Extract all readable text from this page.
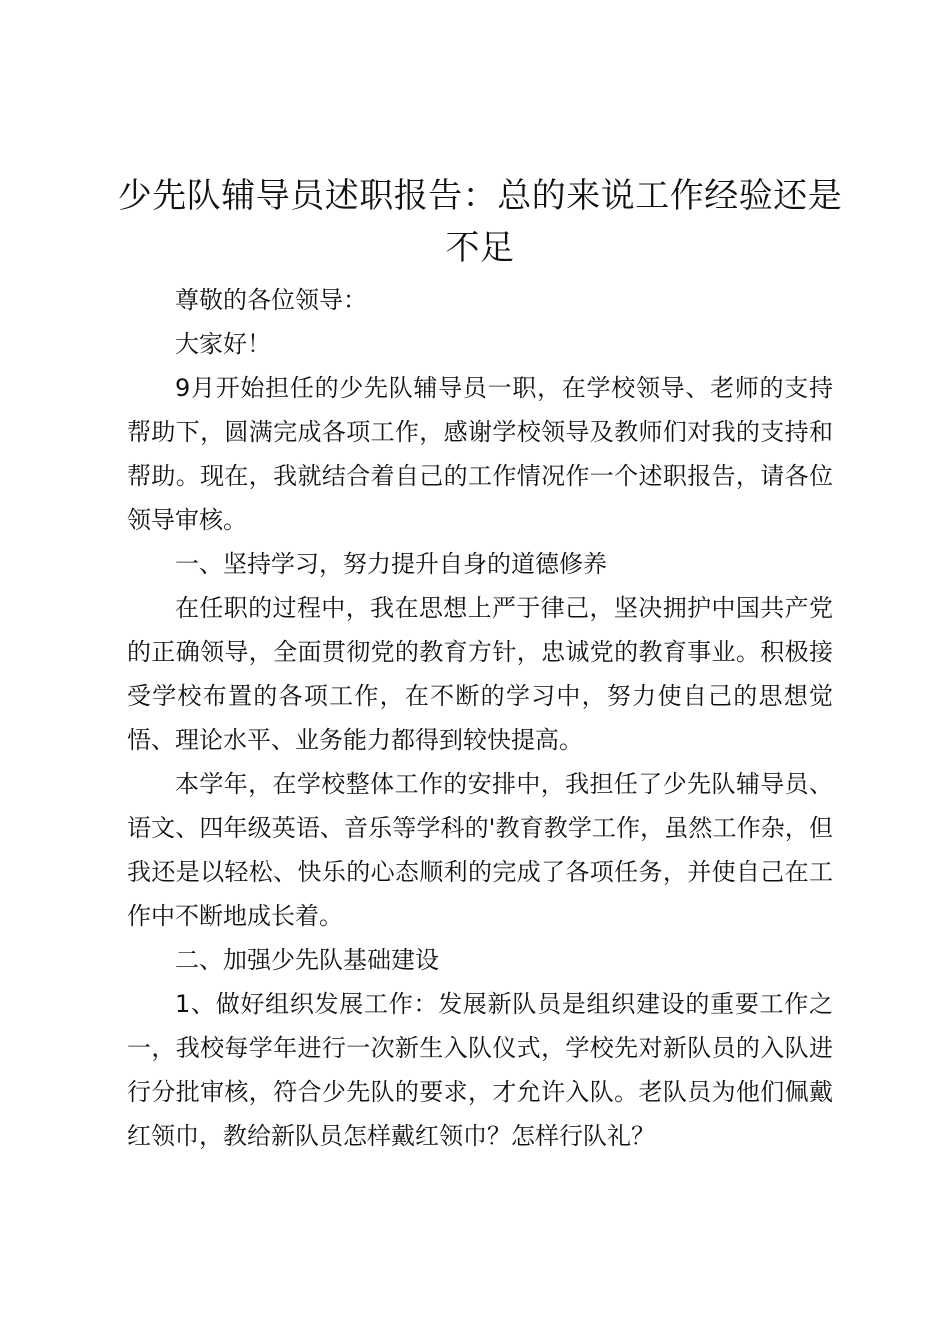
少先队辅导员述职报告：总的来说工作经验还是不足

尊敬的各位领导：

大家好！

9月开始担任的少先队辅导员一职，在学校领导、老师的支持帮助下，圆满完成各项工作，感谢学校领导及教师们对我的支持和帮助。现在，我就结合着自己的工作情况作一个述职报告，请各位领导审核。

一、坚持学习，努力提升自身的道德修养

在任职的过程中，我在思想上严于律己，坚决拥护中国共产党的正确领导，全面贯彻党的教育方针，忠诚党的教育事业。积极接受学校布置的各项工作，在不断的学习中，努力使自己的思想觉悟、理论水平、业务能力都得到较快提高。

本学年，在学校整体工作的安排中，我担任了少先队辅导员、语文、四年级英语、音乐等学科的'教育教学工作，虽然工作杂，但我还是以轻松、快乐的心态顺利的完成了各项任务，并使自己在工作中不断地成长着。

二、加强少先队基础建设

1、做好组织发展工作：发展新队员是组织建设的重要工作之一，我校每学年进行一次新生入队仪式，学校先对新队员的入队进行分批审核，符合少先队的要求，才允许入队。老队员为他们佩戴红领巾，教给新队员怎样戴红领巾？怎样行队礼？
